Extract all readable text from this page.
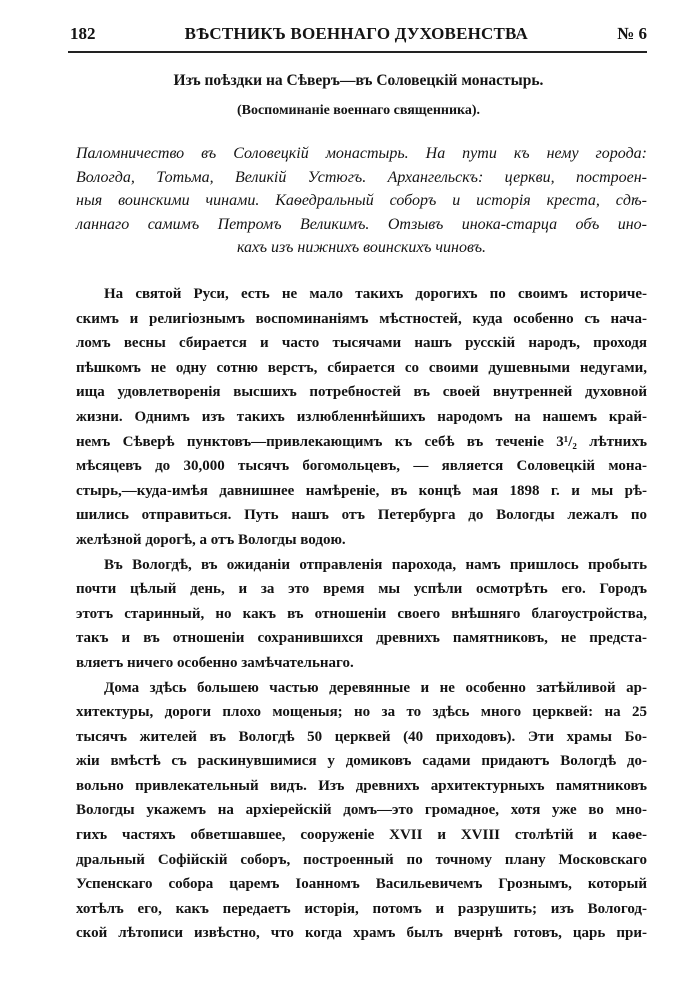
182	ВѢСТНИКЪ ВОЕННАГО ДУХОВЕНСТВА	№ 6
Изъ поѣздки на Сѣверъ—въ Соловецкій монастырь.
(Воспоминаніе военнаго священника).
Паломничество въ Соловецкій монастырь. На пути къ нему города:
Вологда, Тотьма, Великій Устюгъ. Архангельскъ: церкви, построен-
ныя воинскими чинами. Каѳедральный соборъ и исторія креста, сдѣ-
ланнаго самимъ Петромъ Великимъ. Отзывъ инока-старца объ ино-
кахъ изъ нижнихъ воинскихъ чиновъ.
На святой Руси, есть не мало такихъ дорогихъ по своимъ историче-
скимъ и религіознымъ воспоминаніямъ мѣстностей, куда особенно съ нача-
ломъ весны сбирается и часто тысячами нашъ русскій народъ, проходя
пѣшкомъ не одну сотню верстъ, сбирается со своими душевными недугами,
ища удовлетворенія высшихъ потребностей въ своей внутренней духовной
жизни. Однимъ изъ такихъ излюбленнѣйшихъ народомъ на нашемъ край-
немъ Сѣверѣ пунктовъ—привлекающимъ къ себѣ въ теченіе 3¹/₂ лѣтнихъ
мѣсяцевъ до 30,000 тысячъ богомольцевъ, — является Соловецкій мона-
стырь,—куда-имѣя давнишнее намѣреніе, въ концѣ мая 1898 г. и мы рѣ-
шились отправиться. Путь нашъ отъ Петербурга до Вологды лежалъ по
желѣзной дорогѣ, а отъ Вологды водою.
Въ Вологдѣ, въ ожиданіи отправленія парохода, намъ пришлось пробыть
почти цѣлый день, и за это время мы успѣли осмотрѣть его. Городъ
этотъ старинный, но какъ въ отношеніи своего внѣшняго благоустройства,
такъ и въ отношеніи сохранившихся древнихъ памятниковъ, не предста-
вляетъ ничего особенно замѣчательнаго.
Дома здѣсь большею частью деревянные и не особенно затѣйливой ар-
хитектуры, дороги плохо мощеныя; но за то здѣсь много церквей: на 25
тысячъ жителей въ Вологдѣ 50 церквей (40 приходовъ). Эти храмы Бо-
жіи вмѣстѣ съ раскинувшимися у домиковъ садами придаютъ Вологдѣ до-
вольно привлекательный видъ. Изъ древнихъ архитектурныхъ памятниковъ
Вологды укажемъ на архіерейскій домъ—это громадное, хотя уже во мно-
гихъ частяхъ обветшавшее, сооруженіе XVII и XVIII столѣтій и каѳе-
дральный Софійскій соборъ, построенный по точному плану Московскаго
Успенскаго собора царемъ Іоанномъ Васильевичемъ Грознымъ, который
хотѣлъ его, какъ передаетъ исторія, потомъ и разрушить; изъ Вологод-
ской лѣтописи извѣстно, что когда храмъ былъ вчернѣ готовъ, царь при-
